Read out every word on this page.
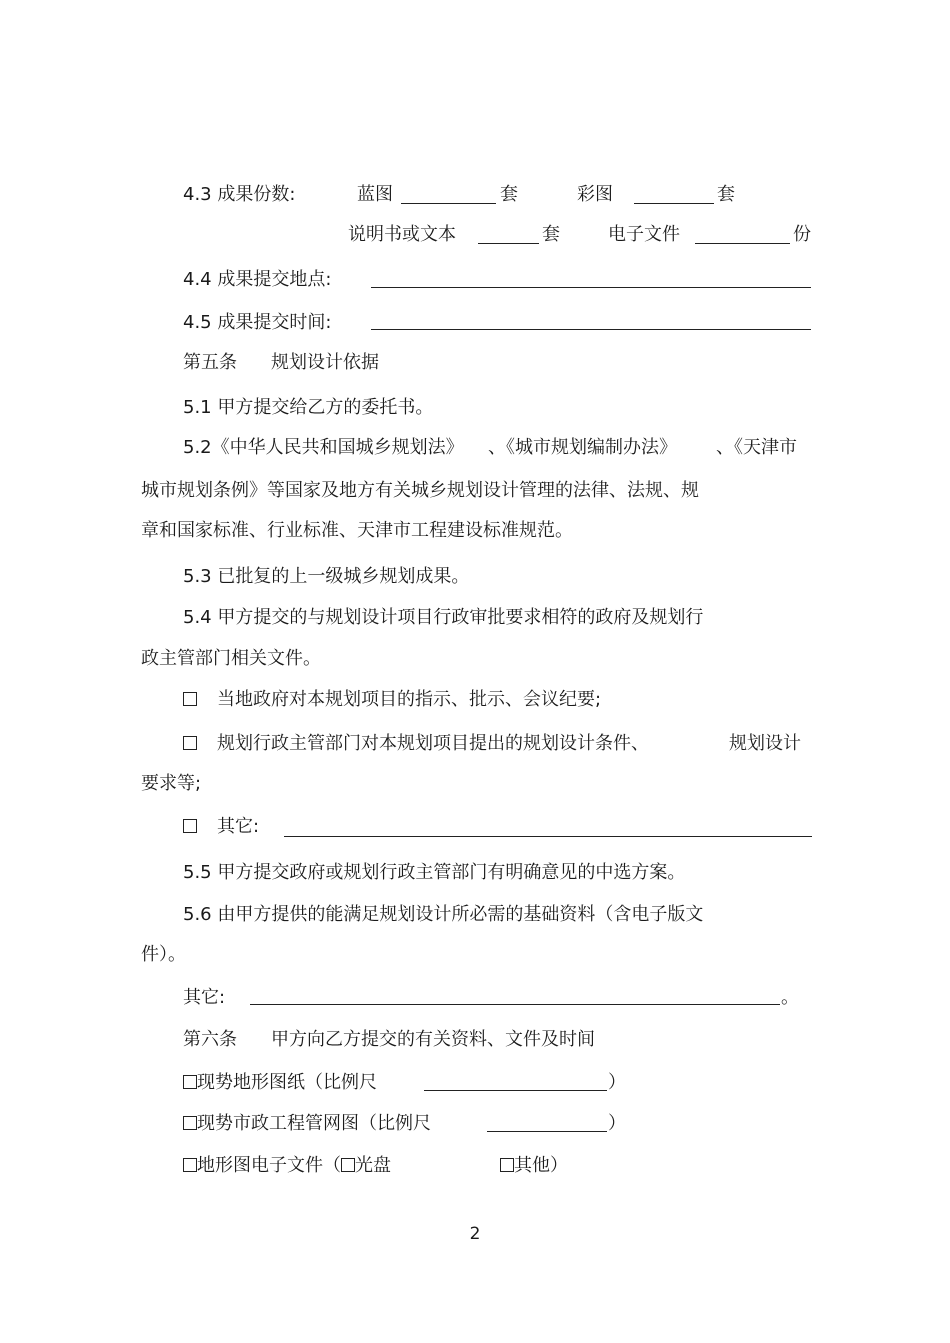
4.3 成果份数:	蓝图	套	彩图	套
说明书或文本	套	电子文件	份
4.4 成果提交地点:
4.5 成果提交时间:
第五条 规划设计依据
5.1 甲方提交给乙方的委托书。
5.2《中华人民共和国城乡规划法》 、《城市规划编制办法》 、《天津市
城市规划条例》等国家及地方有关城乡规划设计管理的法律、法规、规
章和国家标准、行业标准、天津市工程建设标准规范。
5.3 已批复的上一级城乡规划成果。
5.4 甲方提交的与规划设计项目行政审批要求相符的政府及规划行
政主管部门相关文件。
当地政府对本规划项目的指示、批示、会议纪要;
规划行政主管部门对本规划项目提出的规划设计条件、	规划设计
要求等;
其它:
5.5 甲方提交政府或规划行政主管部门有明确意见的中选方案。
5.6 由甲方提供的能满足规划设计所必需的基础资料（含电子版文
件）。
其它:	。
第六条 甲方向乙方提交的有关资料、文件及时间
现势地形图纸（比例尺	）
现势市政工程管网图（比例尺	）
地形图电子文件（ 光盘	其他）
2
